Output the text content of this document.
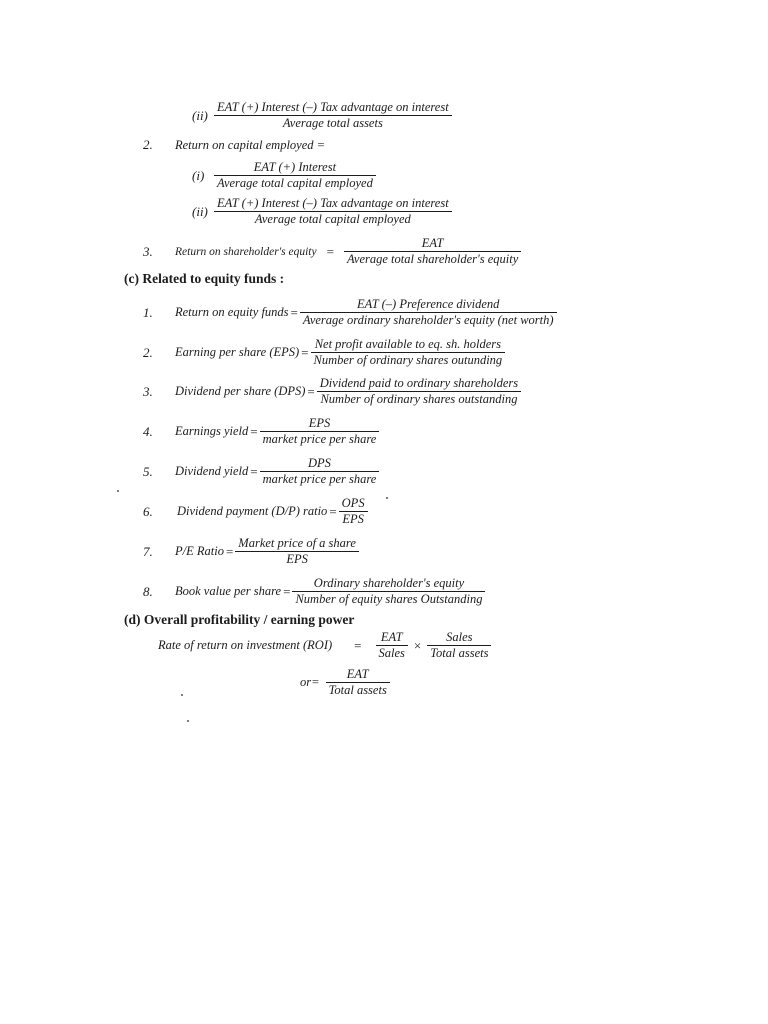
$(ii) \frac{\text{EAT (+) Interest (–) Tax advantage on interest}}{\text{Average total assets}}$
2.	Return on capital employed =
$(i) \frac{\text{EAT (+) Interest}}{\text{Average total capital employed}}$
$(ii) \frac{\text{EAT (+) Interest (–) Tax advantage on interest}}{\text{Average total capital employed}}$
3.	Return on shareholder's equity = $\frac{\text{EAT}}{\text{Average total shareholder's equity}}$
(c) Related to equity funds :
1.	Return on equity funds = $\frac{\text{EAT (–) Preference dividend}}{\text{Average ordinary shareholder's equity (net worth)}}$
2.	Earning per share $(EPS) = \frac{\text{Net profit available to eq. sh. holders}}{\text{Number of ordinary shares outunding}}$
3.	Dividend per share $(DPS) = \frac{\text{Dividend paid to ordinary shareholders}}{\text{Number of ordinary shares outstanding}}$
4.	Earnings yield = $\frac{\text{EPS}}{\text{market price per share}}$
5.	Dividend yield = $\frac{\text{DPS}}{\text{market price per share}}$
6.	Dividend payment (D/P) ratio = $\frac{\text{OPS}}{\text{EPS}}$
7.	P/E Ratio = $\frac{\text{Market price of a share}}{\text{EPS}}$
8.	Book value per share = $\frac{\text{Ordinary shareholder's equity}}{\text{Number of equity shares Outstanding}}$
(d) Overall profitability / earning power
Rate of return on investment $(ROI) = \frac{\text{EAT}}{\text{Sales}} \times \frac{\text{Sales}}{\text{Total assets}}$
$or= \frac{\text{EAT}}{\text{Total assets}}$
